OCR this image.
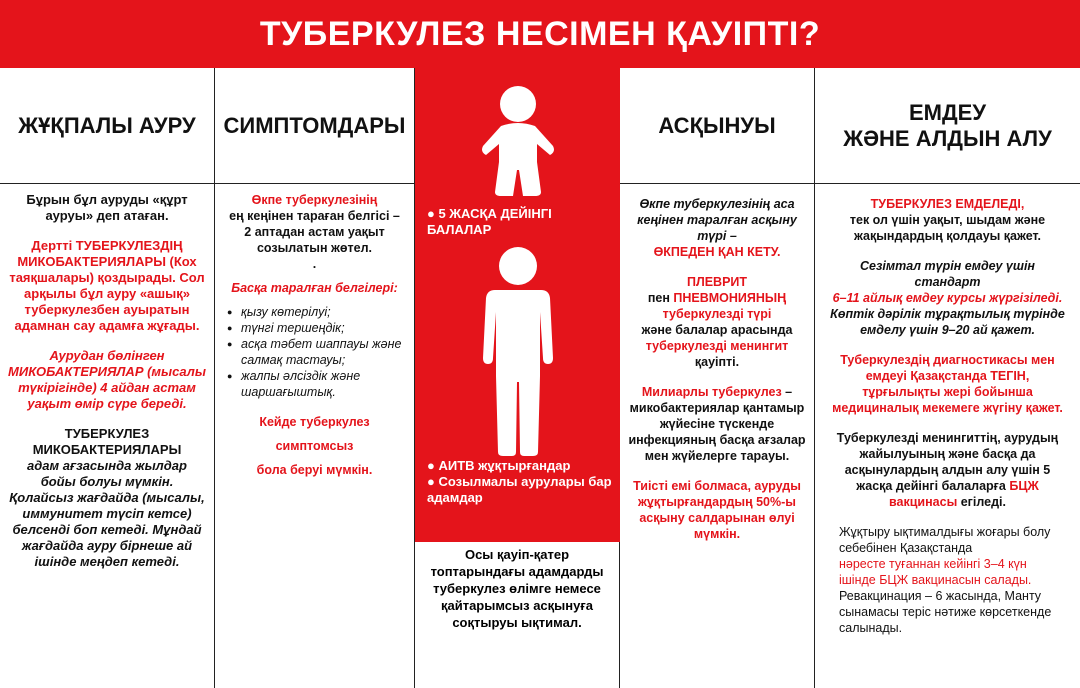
ТУБЕРКУЛЕЗ НЕСІМЕН ҚАУІПТІ?
ЖҰҚПАЛЫ АУРУ

Бұрын бұл ауруды «құрт ауруы» деп атаған.

Дертті ТУБЕРКУЛЕЗДІҢ МИКОБАКТЕРИЯЛАРЫ (Кох таяқшалары) қоздырады. Сол арқылы бұл ауру «ашық» туберкулезбен ауыратын адамнан сау адамға жұғады.

Аурудан бөлінген МИКОБАКТЕРИЯЛАР (мысалы түкірігінде) 4 айдан астам уақыт өмір сүре береді.

ТУБЕРКУЛЕЗ МИКОБАКТЕРИЯЛАРЫ

адам ағзасында жылдар бойы болуы мүмкін. Қолайсыз жағдайда (мысалы, иммунитет түсіп кетсе) белсенді боп кетеді. Мұндай жағдайда ауру бірнеше ай ішінде меңдеп кетеді.

СИМПТОМДАРЫ

Өкпе туберкулезінің

ең кеңінен тараған белгісі – 2 аптадан астам уақыт созылатын жөтел.

.

Басқа таралған белгілері:

● қызу көтерілуі;
● түнгі тершеңдік;
● асқа тәбет шаппауы және салмақ тастауы;
● жалпы әлсіздік және шаршағыштық.

Кейде туберкулез

симптомсыз

бола беруі мүмкін.

● 5 ЖАСҚА ДЕЙІНГІ БАЛАЛАР
● АИТВ жұқтырғандар
● Созылмалы аурулары бар адамдар

Осы қауіп-қатер топтарындағы адамдарды туберкулез өлімге немесе қайтарымсыз асқынуға соқтыруы ықтимал.

АСҚЫНУЫ

Өкпе туберкулезінің аса кеңінен таралған асқыну түрі –

ӨКПЕДЕН ҚАН КЕТУ.

ПЛЕВРИТ

пен ПНЕВМОНИЯНЫҢ

туберкулезді түрі

және балалар арасында

туберкулезді менингит

қауіпті.

Милиарлы туберкулез – микобактериялар қантамыр жүйесіне түскенде инфекцияның басқа ағзалар мен жүйелерге тарауы.

Тиісті емі болмаса, ауруды жұқтырғандардың 50%-ы асқыну салдарынан өлуі мүмкін.

ЕМДЕУ
ЖӘНЕ АЛДЫН АЛУ

ТУБЕРКУЛЕЗ ЕМДЕЛЕДІ,

тек ол үшін уақыт, шыдам және жақындардың қолдауы қажет.

Сезімтал түрін емдеу үшін стандарт

6–11 айлық емдеу курсы жүргізіледі.

Көптік дәрілік тұрақтылық түрінде емделу үшін 9–20 ай қажет.

Туберкулездің диагностикасы мен емдеуі Қазақстанда ТЕГІН, тұрғылықты жері бойынша медициналық мекемеге жүгіну қажет.

Туберкулезді менингиттің, аурудың жайылуының және басқа да асқынулардың алдын алу үшін 5 жасқа дейінгі балаларға БЦЖ вакцинасы егіледі.

Жұқтыру ықтималдығы жоғары болу себебінен Қазақстанда

нәресте туғаннан кейінгі 3–4 күн ішінде БЦЖ вакцинасын салады.

Ревакцинация – 6 жасында, Манту сынамасы теріс нәтиже көрсеткенде салынады.
